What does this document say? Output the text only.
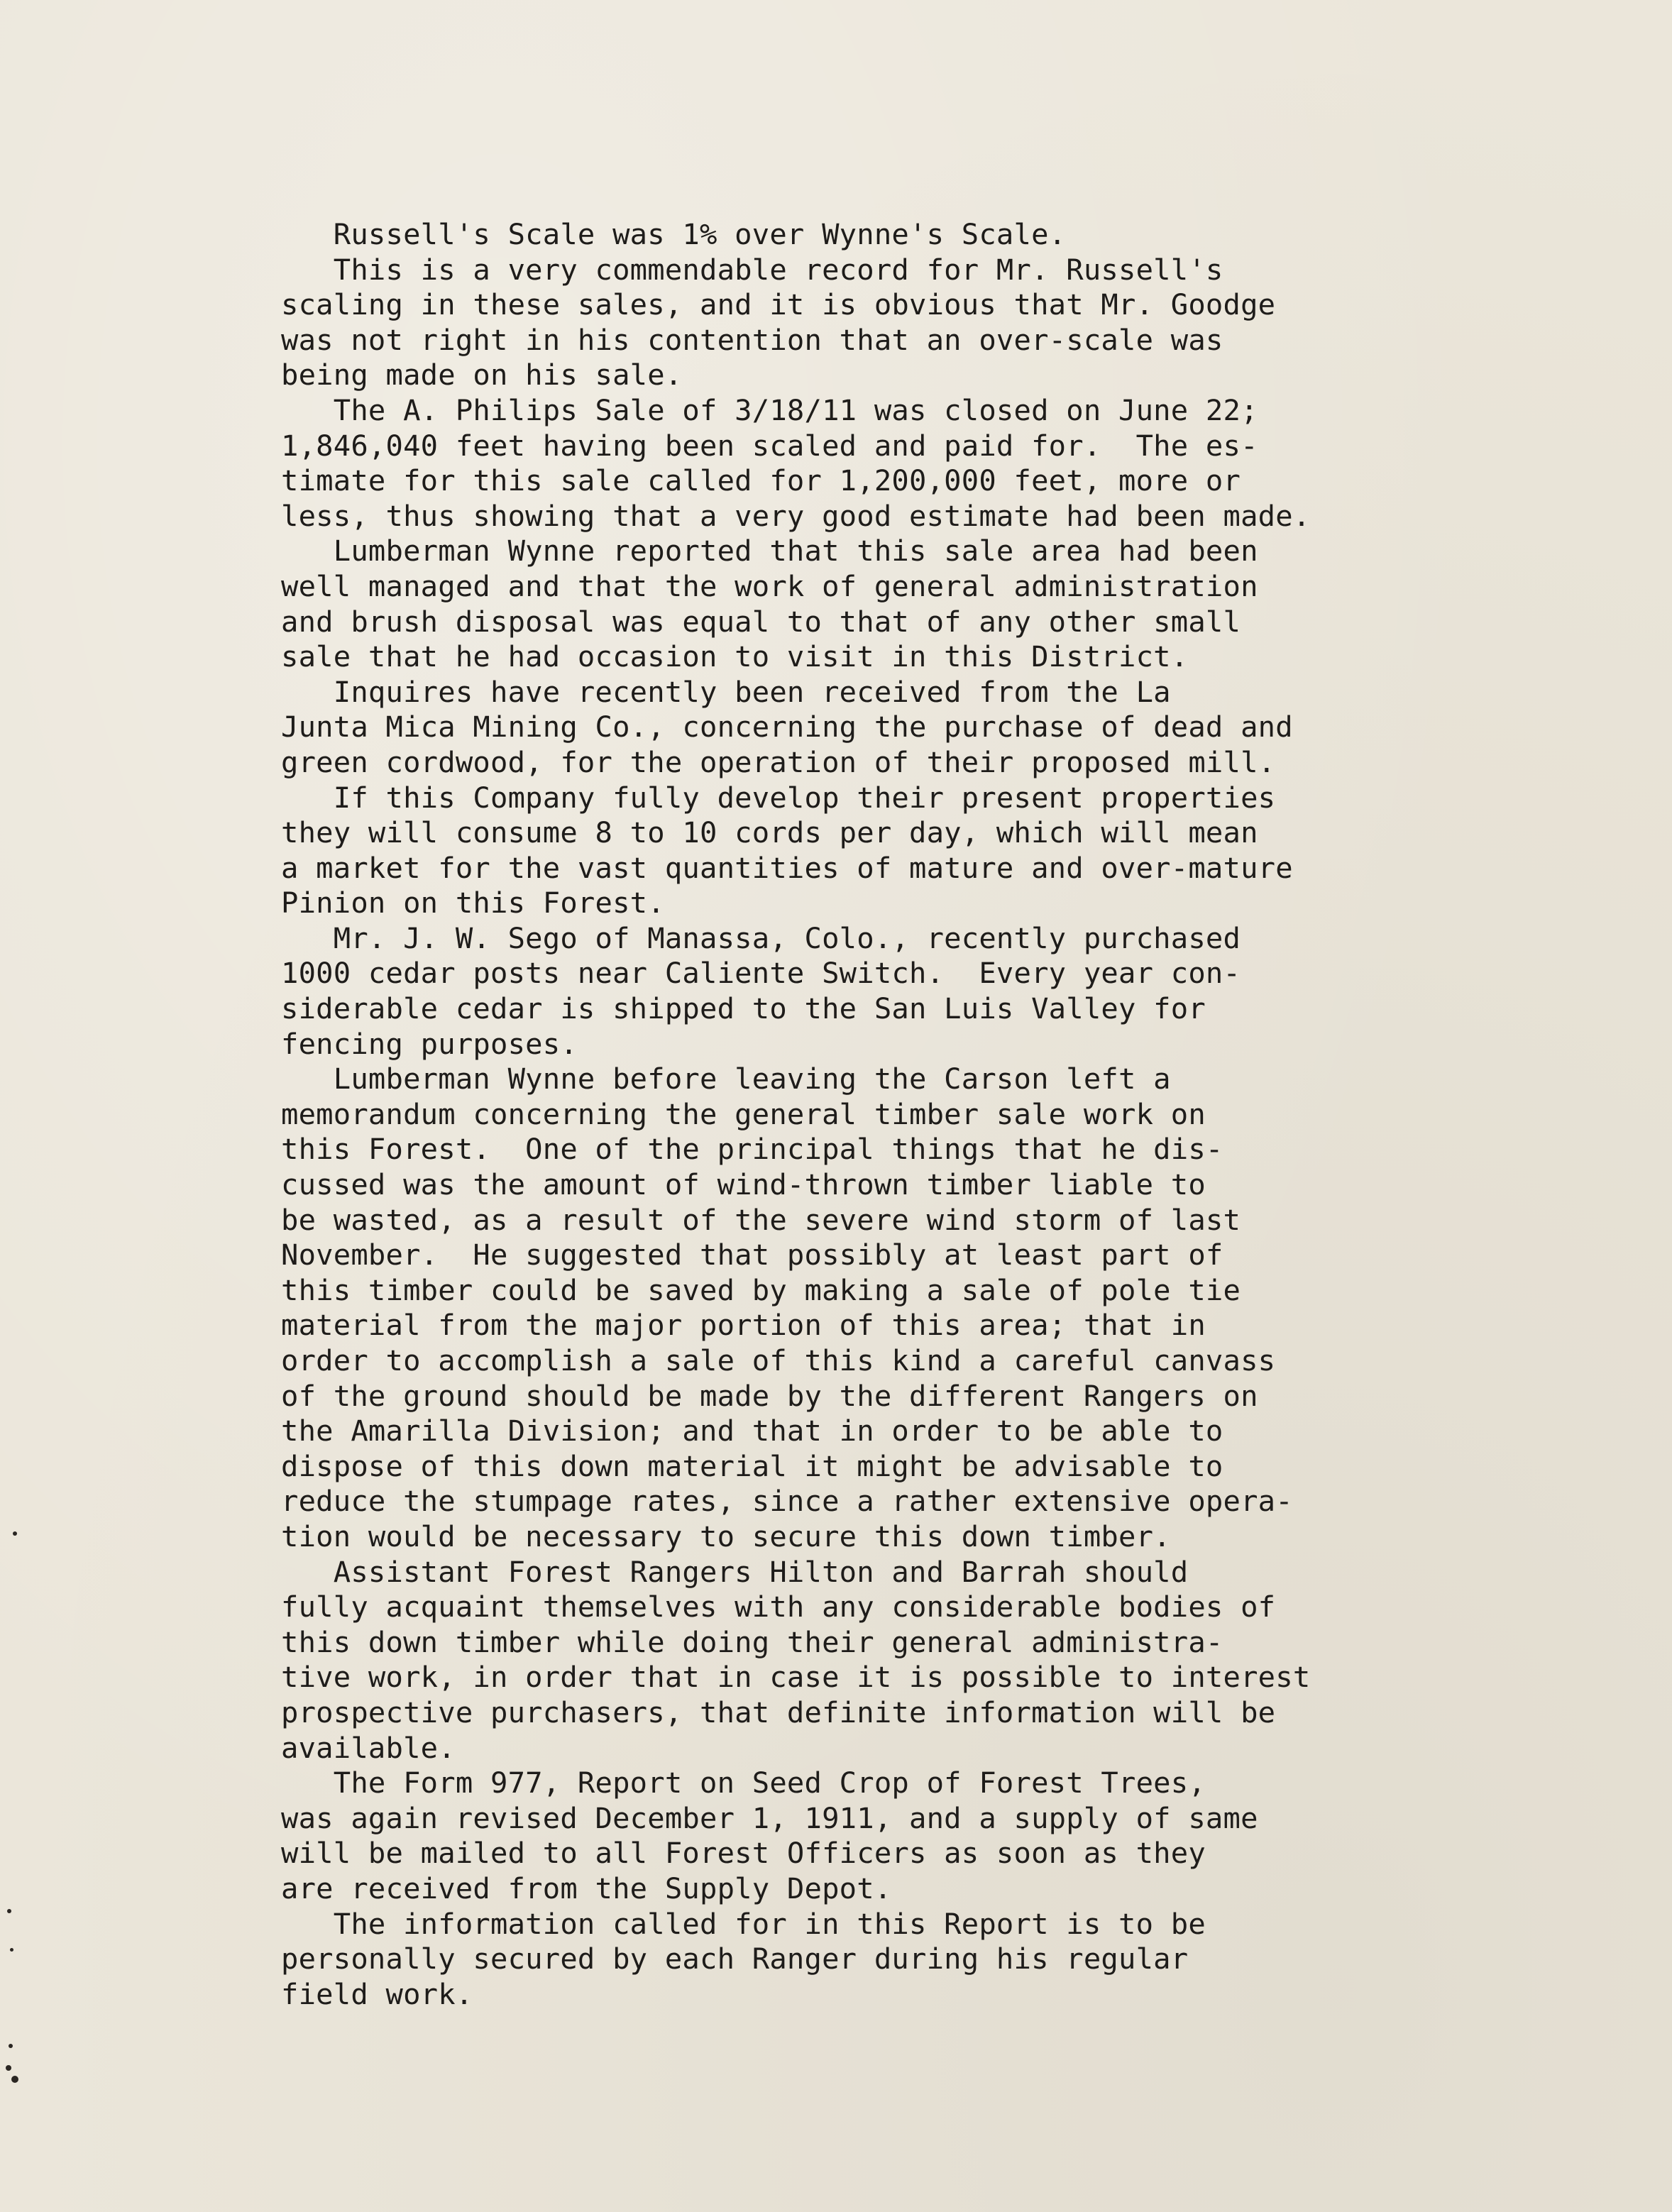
Russell's Scale was 1% over Wynne's Scale.
This is a very commendable record for Mr. Russell's
scaling in these sales, and it is obvious that Mr. Goodge
was not right in his contention that an over-scale was
being made on his sale.
The A. Philips Sale of 3/18/11 was closed on June 22;
1,846,040 feet having been scaled and paid for.  The es-
timate for this sale called for 1,200,000 feet, more or
less, thus showing that a very good estimate had been made.
Lumberman Wynne reported that this sale area had been
well managed and that the work of general administration
and brush disposal was equal to that of any other small
sale that he had occasion to visit in this District.
Inquires have recently been received from the La
Junta Mica Mining Co., concerning the purchase of dead and
green cordwood, for the operation of their proposed mill.
If this Company fully develop their present properties
they will consume 8 to 10 cords per day, which will mean
a market for the vast quantities of mature and over-mature
Pinion on this Forest.
Mr. J. W. Sego of Manassa, Colo., recently purchased
1000 cedar posts near Caliente Switch.  Every year con-
siderable cedar is shipped to the San Luis Valley for
fencing purposes.
Lumberman Wynne before leaving the Carson left a
memorandum concerning the general timber sale work on
this Forest.  One of the principal things that he dis-
cussed was the amount of wind-thrown timber liable to
be wasted, as a result of the severe wind storm of last
November.  He suggested that possibly at least part of
this timber could be saved by making a sale of pole tie
material from the major portion of this area; that in
order to accomplish a sale of this kind a careful canvass
of the ground should be made by the different Rangers on
the Amarilla Division; and that in order to be able to
dispose of this down material it might be advisable to
reduce the stumpage rates, since a rather extensive opera-
tion would be necessary to secure this down timber.
Assistant Forest Rangers Hilton and Barrah should
fully acquaint themselves with any considerable bodies of
this down timber while doing their general administra-
tive work, in order that in case it is possible to interest
prospective purchasers, that definite information will be
available.
The Form 977, Report on Seed Crop of Forest Trees,
was again revised December 1, 1911, and a supply of same
will be mailed to all Forest Officers as soon as they
are received from the Supply Depot.
The information called for in this Report is to be
personally secured by each Ranger during his regular
field work.
